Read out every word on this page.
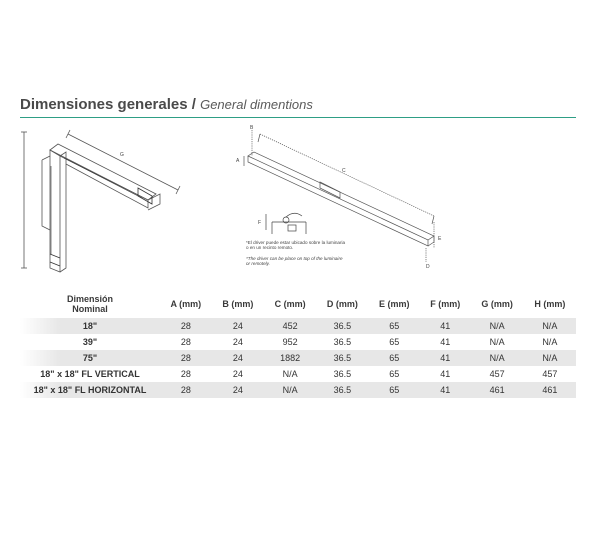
Dimensiones generales / General dimentions
G
B
A
C
D
E
F
*El driver puede estar ubicado sobre la luminaria o en un recinto remoto.
*The driver can be place on top of the luminaire or remotely.
Dimensión
Nominal	A (mm)	B (mm)	C (mm)	D (mm)	E (mm)	F (mm)	G (mm)	H (mm)
18"	28	24	452	36.5	65	41	N/A	N/A
39"	28	24	952	36.5	65	41	N/A	N/A
75"	28	24	1882	36.5	65	41	N/A	N/A
18" x 18" FL VERTICAL	28	24	N/A	36.5	65	41	457	457
18" x 18" FL HORIZONTAL	28	24	N/A	36.5	65	41	461	461
